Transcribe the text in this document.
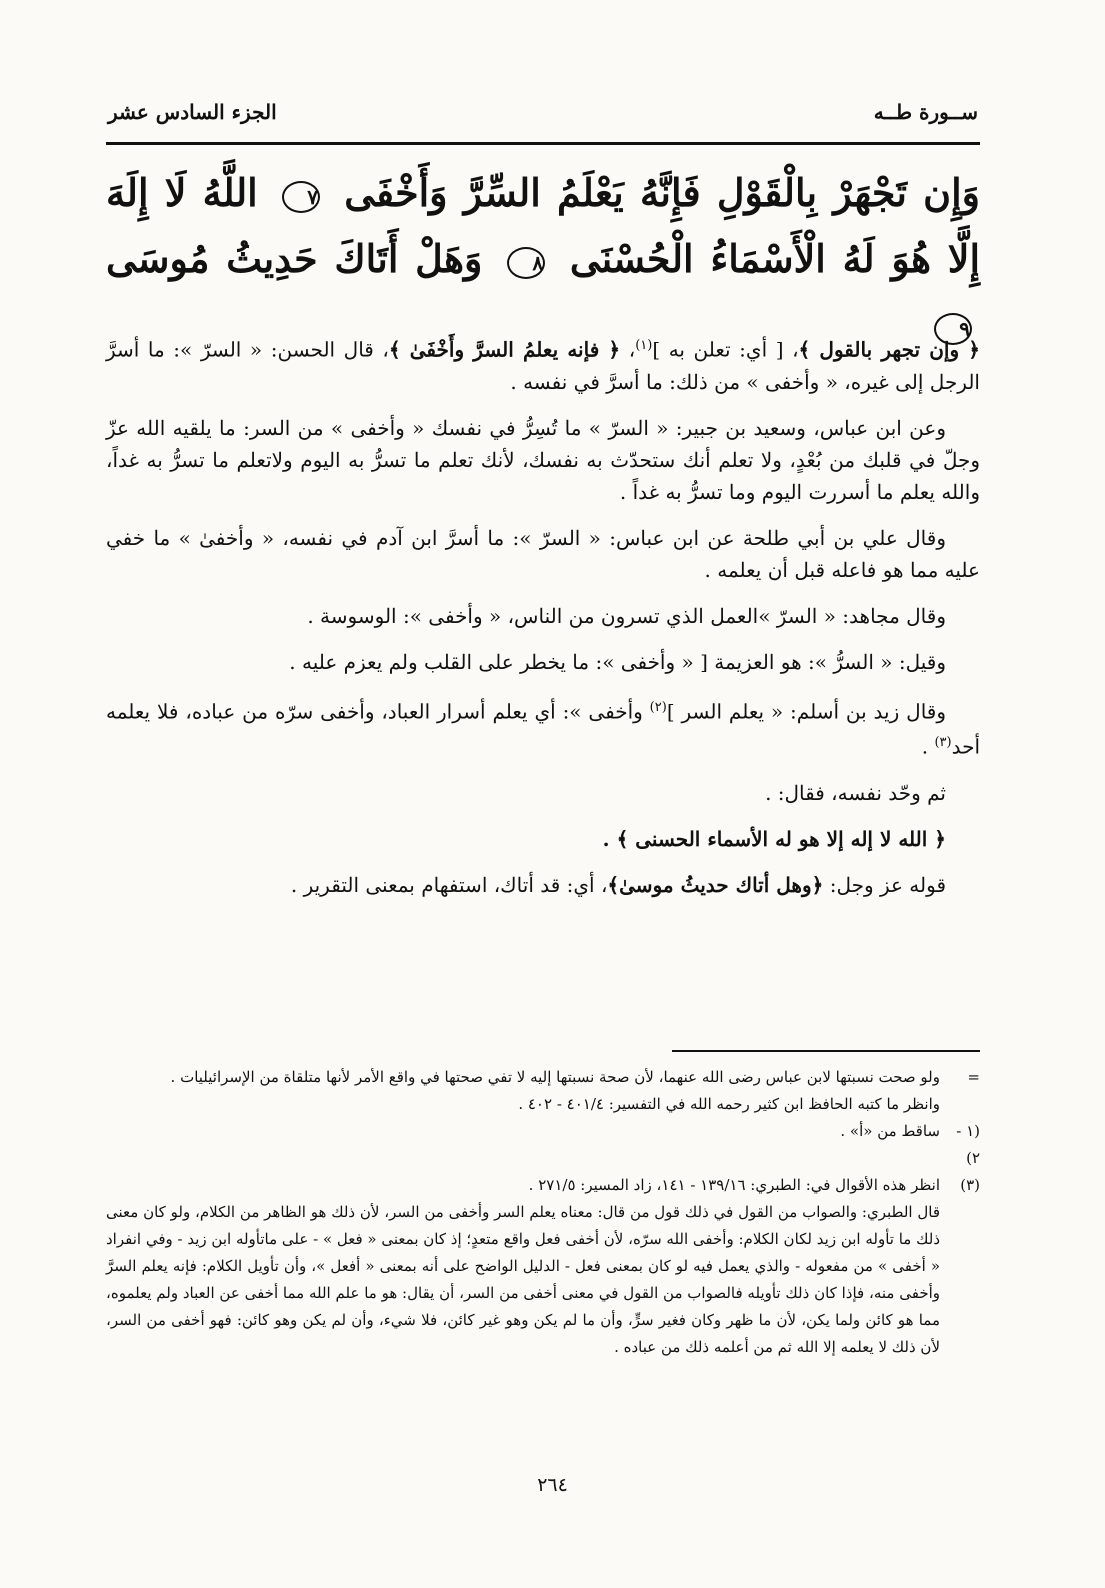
ســورة طــه
الجزء السادس عشر
وَإِن تَجْهَرْ بِالْقَوْلِ فَإِنَّهُ يَعْلَمُ السِّرَّ وَأَخْفَى ٧ اللَّهُ لَا إِلَهَ إِلَّا هُوَ لَهُ الْأَسْمَاءُ الْحُسْنَى ٨ وَهَلْ أَتَاكَ حَدِيثُ مُوسَى ٩

﴿ وإن تجهر بالقول ﴾، [ أي: تعلن به ]$^{(١)}$، ﴿ فإنه يعلمُ السرَّ وأَخْفَىٰ ﴾، قال الحسن: « السرّ »: ما أسرَّ الرجل إلى غيره، « وأخفى » من ذلك: ما أسرَّ في نفسه .

وعن ابن عباس، وسعيد بن جبير: « السرّ » ما تُسِرُّ في نفسك « وأخفى » من السر: ما يلقيه الله عزّ وجلّ في قلبك من بُعْدٍ، ولا تعلم أنك ستحدّث به نفسك، لأنك تعلم ما تسرُّ به اليوم ولاتعلم ما تسرُّ به غداً، والله يعلم ما أسررت اليوم وما تسرُّ به غداً .

وقال علي بن أبي طلحة عن ابن عباس: « السرّ »: ما أسرَّ ابن آدم في نفسه، « وأخفىٰ » ما خفي عليه مما هو فاعله قبل أن يعلمه .

وقال مجاهد: « السرّ »العمل الذي تسرون من الناس، « وأخفى »: الوسوسة .

وقيل: « السرُّ »: هو العزيمة [ « وأخفى »: ما يخطر على القلب ولم يعزم عليه .

وقال زيد بن أسلم: « يعلم السر ]$^{(٢)}$ وأخفى »: أي يعلم أسرار العباد، وأخفى سرّه من عباده، فلا يعلمه أحد$^{(٣)}$ .

ثم وحّد نفسه، فقال: .

﴿ الله لا إله إلا هو له الأسماء الحسنى ﴾ .

قوله عز وجل: ﴿وهل أتاك حديثُ موسىٰ﴾، أي: قد أتاك، استفهام بمعنى التقرير .

=
ولو صحت نسبتها لابن عباس رضى الله عنهما، لأن صحة نسبتها إليه لا تفي صحتها في واقع الأمر لأنها متلقاة من الإسرائيليات .
وانظر ما كتبه الحافظ ابن كثير رحمه الله في التفسير: ٤٠١/٤ - ٤٠٢ .
(١ - ٢)
ساقط من «أ» .
(٣)
انظر هذه الأقوال في: الطبري: ١٣٩/١٦ - ١٤١، زاد المسير: ٢٧١/٥ .
قال الطبري: والصواب من القول في ذلك قول من قال: معناه يعلم السر وأخفى من السر، لأن ذلك هو الظاهر من الكلام، ولو كان معنى ذلك ما تأوله ابن زيد لكان الكلام: وأخفى الله سرّه، لأن أخفى فعل واقع متعدٍ؛ إذ كان بمعنى « فعل » - على ماتأوله ابن زيد - وفي انفراد « أخفى » من مفعوله - والذي يعمل فيه لو كان بمعنى فعل - الدليل الواضح على أنه بمعنى « أفعل »، وأن تأويل الكلام: فإنه يعلم السرَّ وأخفى منه، فإذا كان ذلك تأويله فالصواب من القول في معنى أخفى من السر، أن يقال: هو ما علم الله مما أخفى عن العباد ولم يعلموه، مما هو كائن ولما يكن، لأن ما ظهر وكان فغير سرٍّ، وأن ما لم يكن وهو غير كائن، فلا شيء، وأن لم يكن وهو كائن: فهو أخفى من السر، لأن ذلك لا يعلمه إلا الله ثم من أعلمه ذلك من عباده .
٢٦٤
